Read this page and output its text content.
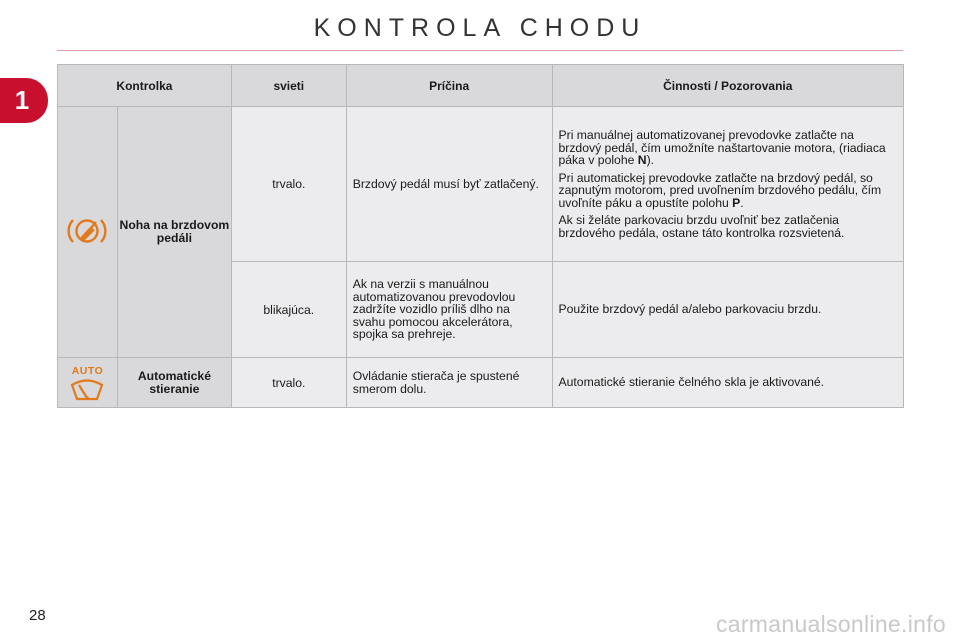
KONTROLA CHODU
1	Kontrolka		svieti	Príčina	Činnosti / Pozorovania

	Noha na brzdovom pedáli	trvalo.	Brzdový pedál musí byť zatlačený.	Pri manuálnej automatizovanej prevodovke zatlačte na brzdový pedál, čím umožníte naštartovanie motora, (riadiaca páka v polohe N).

Pri automatickej prevodovke zatlačte na brzdový pedál, so zapnutým motorom, pred uvoľnením brzdového pedálu, čím uvoľníte páku a opustíte polohu P.

Ak si želáte parkovaciu brzdu uvoľniť bez zatlačenia brzdového pedála, ostane táto kontrolka rozsvietená.

		blikajúca.	Ak na verzii s manuálnou automatizovanou prevodovlou zadržíte vozidlo príliš dlho na svahu pomocou akcelerátora, spojka sa prehreje.	Použite brzdový pedál a/alebo parkovaciu brzdu.

AUTO	Automatické stieranie	trvalo.	Ovládanie stierača je spustené smerom dolu.	Automatické stieranie čelného skla je aktivované.
28	carmanualsonline.info
